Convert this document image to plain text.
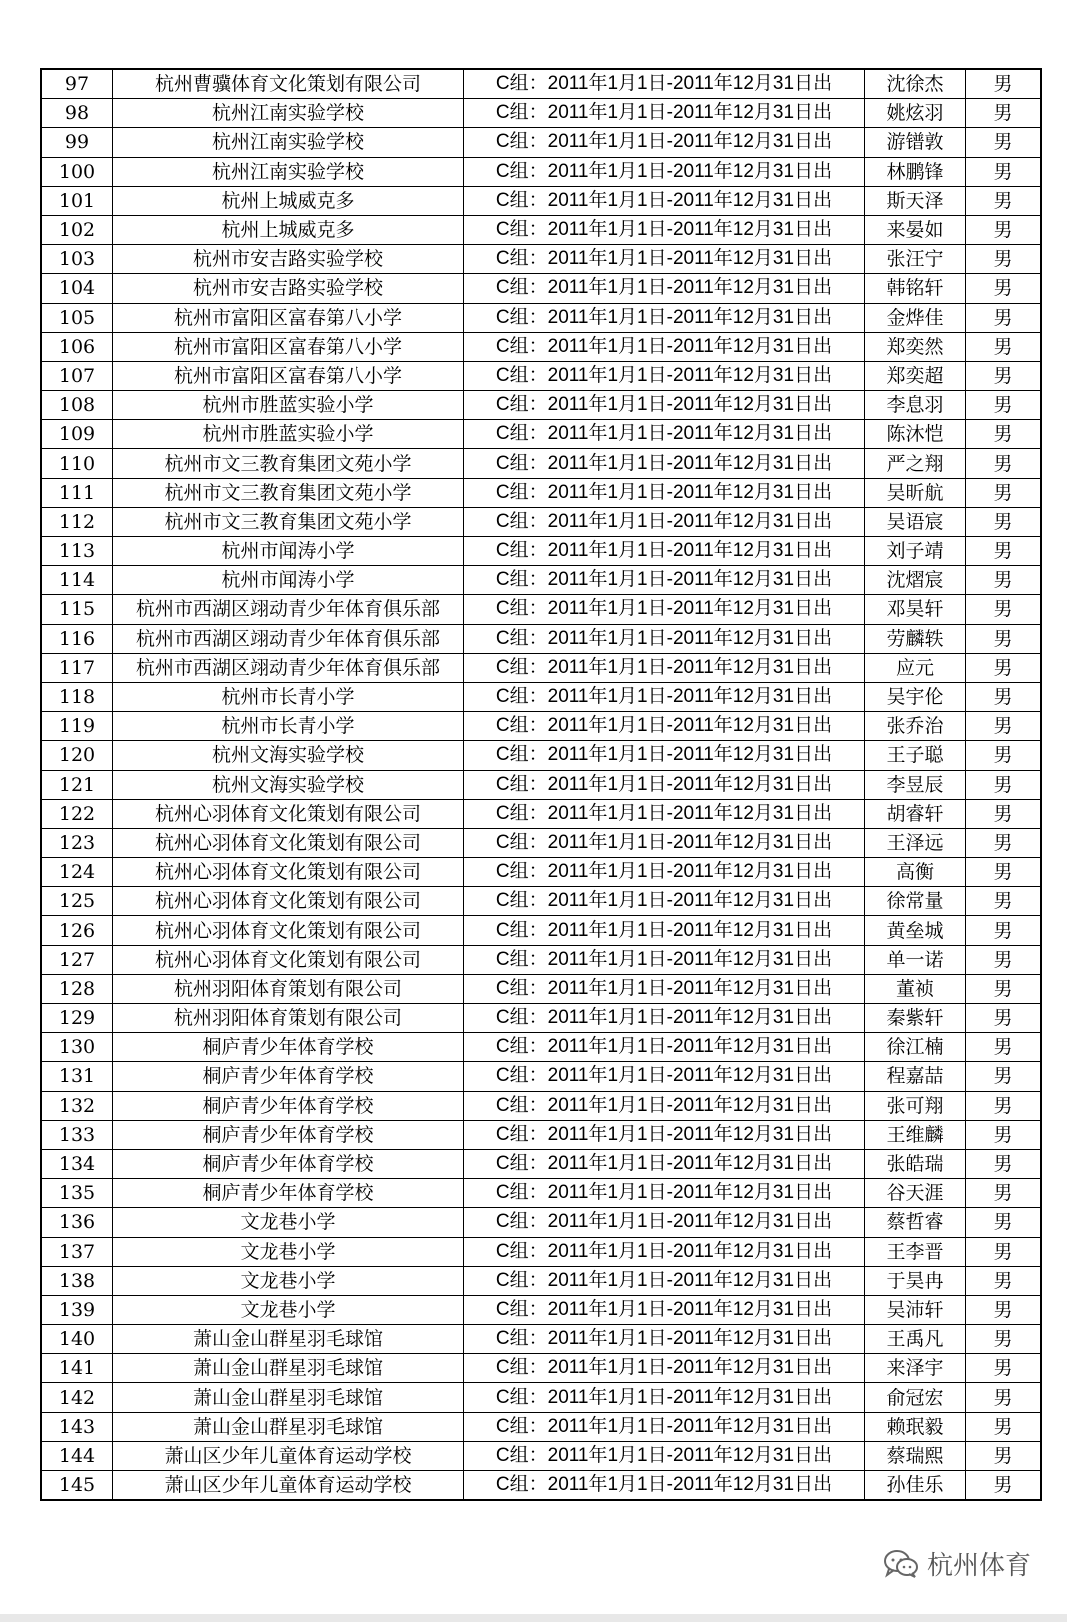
97	杭州曹骥体育文化策划有限公司	C组：2011年1月1日-2011年12月31日出	沈徐杰	男
98	杭州江南实验学校	C组：2011年1月1日-2011年12月31日出	姚炫羽	男
99	杭州江南实验学校	C组：2011年1月1日-2011年12月31日出	游镨敦	男
100	杭州江南实验学校	C组：2011年1月1日-2011年12月31日出	林鹏锋	男
101	杭州上城威克多	C组：2011年1月1日-2011年12月31日出	斯天泽	男
102	杭州上城威克多	C组：2011年1月1日-2011年12月31日出	来晏如	男
103	杭州市安吉路实验学校	C组：2011年1月1日-2011年12月31日出	张汪宁	男
104	杭州市安吉路实验学校	C组：2011年1月1日-2011年12月31日出	韩铭轩	男
105	杭州市富阳区富春第八小学	C组：2011年1月1日-2011年12月31日出	金烨佳	男
106	杭州市富阳区富春第八小学	C组：2011年1月1日-2011年12月31日出	郑奕然	男
107	杭州市富阳区富春第八小学	C组：2011年1月1日-2011年12月31日出	郑奕超	男
108	杭州市胜蓝实验小学	C组：2011年1月1日-2011年12月31日出	李息羽	男
109	杭州市胜蓝实验小学	C组：2011年1月1日-2011年12月31日出	陈沐恺	男
110	杭州市文三教育集团文苑小学	C组：2011年1月1日-2011年12月31日出	严之翔	男
111	杭州市文三教育集团文苑小学	C组：2011年1月1日-2011年12月31日出	吴昕航	男
112	杭州市文三教育集团文苑小学	C组：2011年1月1日-2011年12月31日出	吴语宸	男
113	杭州市闻涛小学	C组：2011年1月1日-2011年12月31日出	刘子靖	男
114	杭州市闻涛小学	C组：2011年1月1日-2011年12月31日出	沈熠宸	男
115	杭州市西湖区翊动青少年体育俱乐部	C组：2011年1月1日-2011年12月31日出	邓昊轩	男
116	杭州市西湖区翊动青少年体育俱乐部	C组：2011年1月1日-2011年12月31日出	劳麟轶	男
117	杭州市西湖区翊动青少年体育俱乐部	C组：2011年1月1日-2011年12月31日出	应元	男
118	杭州市长青小学	C组：2011年1月1日-2011年12月31日出	吴宇伦	男
119	杭州市长青小学	C组：2011年1月1日-2011年12月31日出	张乔治	男
120	杭州文海实验学校	C组：2011年1月1日-2011年12月31日出	王子聪	男
121	杭州文海实验学校	C组：2011年1月1日-2011年12月31日出	李昱辰	男
122	杭州心羽体育文化策划有限公司	C组：2011年1月1日-2011年12月31日出	胡睿轩	男
123	杭州心羽体育文化策划有限公司	C组：2011年1月1日-2011年12月31日出	王泽远	男
124	杭州心羽体育文化策划有限公司	C组：2011年1月1日-2011年12月31日出	高衡	男
125	杭州心羽体育文化策划有限公司	C组：2011年1月1日-2011年12月31日出	徐常量	男
126	杭州心羽体育文化策划有限公司	C组：2011年1月1日-2011年12月31日出	黄垒城	男
127	杭州心羽体育文化策划有限公司	C组：2011年1月1日-2011年12月31日出	单一诺	男
128	杭州羽阳体育策划有限公司	C组：2011年1月1日-2011年12月31日出	董祯	男
129	杭州羽阳体育策划有限公司	C组：2011年1月1日-2011年12月31日出	秦紫轩	男
130	桐庐青少年体育学校	C组：2011年1月1日-2011年12月31日出	徐江楠	男
131	桐庐青少年体育学校	C组：2011年1月1日-2011年12月31日出	程嘉喆	男
132	桐庐青少年体育学校	C组：2011年1月1日-2011年12月31日出	张可翔	男
133	桐庐青少年体育学校	C组：2011年1月1日-2011年12月31日出	王维麟	男
134	桐庐青少年体育学校	C组：2011年1月1日-2011年12月31日出	张皓瑞	男
135	桐庐青少年体育学校	C组：2011年1月1日-2011年12月31日出	谷天涯	男
136	文龙巷小学	C组：2011年1月1日-2011年12月31日出	蔡哲睿	男
137	文龙巷小学	C组：2011年1月1日-2011年12月31日出	王李晋	男
138	文龙巷小学	C组：2011年1月1日-2011年12月31日出	于昊冉	男
139	文龙巷小学	C组：2011年1月1日-2011年12月31日出	吴沛轩	男
140	萧山金山群星羽毛球馆	C组：2011年1月1日-2011年12月31日出	王禹凡	男
141	萧山金山群星羽毛球馆	C组：2011年1月1日-2011年12月31日出	来泽宇	男
142	萧山金山群星羽毛球馆	C组：2011年1月1日-2011年12月31日出	俞冠宏	男
143	萧山金山群星羽毛球馆	C组：2011年1月1日-2011年12月31日出	赖珉毅	男
144	萧山区少年儿童体育运动学校	C组：2011年1月1日-2011年12月31日出	蔡瑞熙	男
145	萧山区少年儿童体育运动学校	C组：2011年1月1日-2011年12月31日出	孙佳乐	男
杭州体育
